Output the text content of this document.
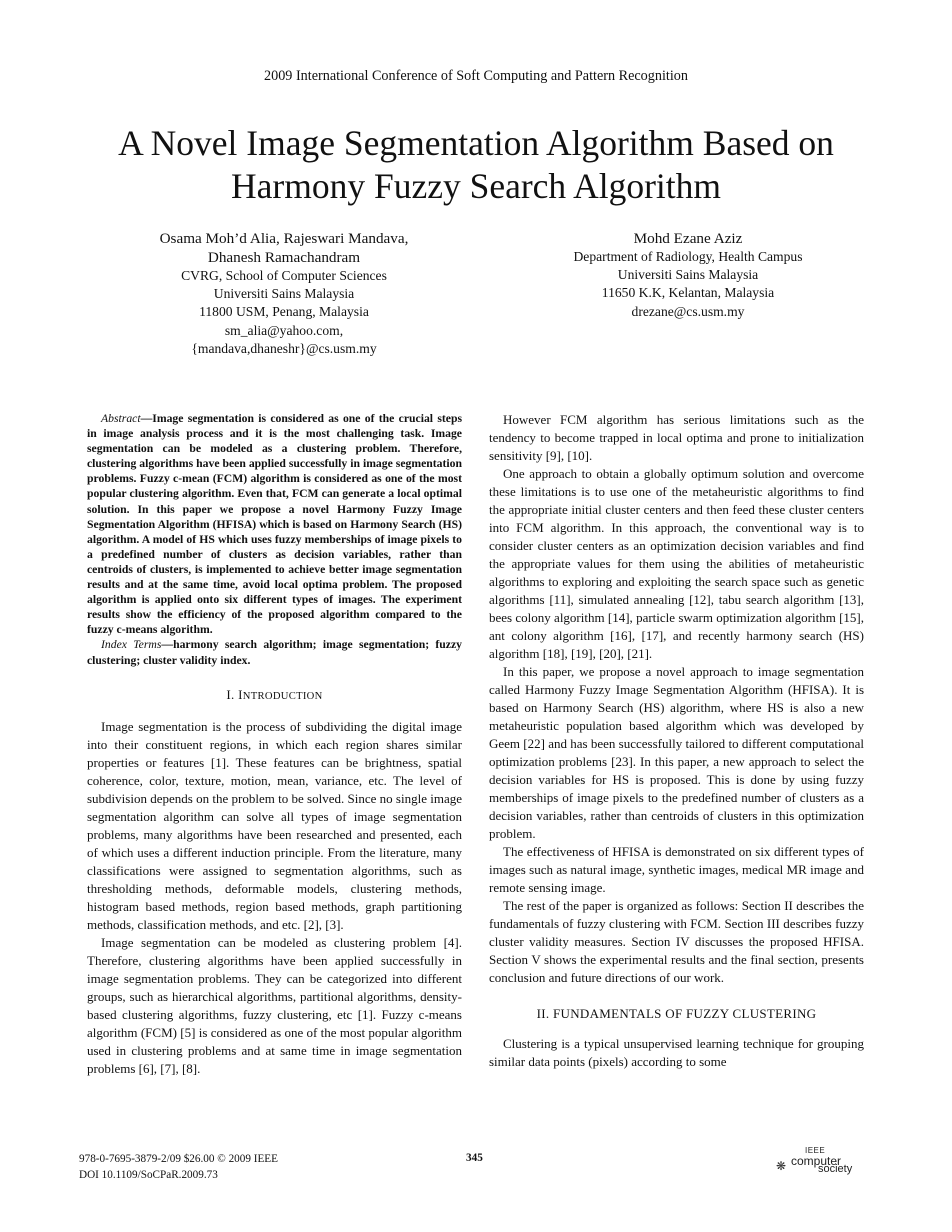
2009 International Conference of Soft Computing and Pattern Recognition
A Novel Image Segmentation Algorithm Based on
Harmony Fuzzy Search Algorithm
Osama Moh’d Alia, Rajeswari Mandava,
Dhanesh Ramachandram
CVRG, School of Computer Sciences
Universiti Sains Malaysia
11800 USM, Penang, Malaysia
sm_alia@yahoo.com,
{mandava,dhaneshr}@cs.usm.my
Mohd Ezane Aziz
Department of Radiology, Health Campus
Universiti Sains Malaysia
11650 K.K, Kelantan, Malaysia
drezane@cs.usm.my

Abstract—Image segmentation is considered as one of the crucial steps in image analysis process and it is the most challenging task. Image segmentation can be modeled as a clustering problem. Therefore, clustering algorithms have been applied successfully in image segmentation problems. Fuzzy c-mean (FCM) algorithm is considered as one of the most popular clustering algorithm. Even that, FCM can generate a local optimal solution. In this paper we propose a novel Harmony Fuzzy Image Segmentation Algorithm (HFISA) which is based on Harmony Search (HS) algorithm. A model of HS which uses fuzzy memberships of image pixels to a predefined number of clusters as decision variables, rather than centroids of clusters, is implemented to achieve better image segmentation results and at the same time, avoid local optima problem. The proposed algorithm is applied onto six different types of images. The experiment results show the efficiency of the proposed algorithm compared to the fuzzy c-means algorithm.

Index Terms—harmony search algorithm; image segmentation; fuzzy clustering; cluster validity index.

I. INTRODUCTION

Image segmentation is the process of subdividing the digital image into their constituent regions, in which each region shares similar properties or features [1]. These features can be brightness, spatial coherence, color, texture, motion, mean, variance, etc. The level of subdivision depends on the problem to be solved. Since no single image segmentation algorithm can solve all types of image segmentation problems, many algorithms have been researched and presented, each of which uses a different induction principle. From the literature, many classifications were assigned to segmentation algorithms, such as thresholding methods, deformable models, clustering methods, histogram based methods, region based methods, graph partitioning methods, classification methods, and etc. [2], [3].

Image segmentation can be modeled as clustering problem [4]. Therefore, clustering algorithms have been applied successfully in image segmentation problems. They can be categorized into different groups, such as hierarchical algorithms, partitional algorithms, density-based clustering algorithms, fuzzy clustering, etc [1]. Fuzzy c-means algorithm (FCM) [5] is considered as one of the most popular algorithm used in clustering problems and at same time in image segmentation problems [6], [7], [8].

However FCM algorithm has serious limitations such as the tendency to become trapped in local optima and prone to initialization sensitivity [9], [10].

One approach to obtain a globally optimum solution and overcome these limitations is to use one of the metaheuristic algorithms to find the appropriate initial cluster centers and then feed these cluster centers into FCM algorithm. In this approach, the conventional way is to consider cluster centers as an optimization decision variables and find the appropriate values for them using the abilities of metaheuristic algorithms to exploring and exploiting the search space such as genetic algorithms [11], simulated annealing [12], tabu search algorithm [13], bees colony algorithm [14], particle swarm optimization algorithm [15], ant colony algorithm [16], [17], and recently harmony search (HS) algorithm [18], [19], [20], [21].

In this paper, we propose a novel approach to image segmentation called Harmony Fuzzy Image Segmentation Algorithm (HFISA). It is based on Harmony Search (HS) algorithm, where HS is also a new metaheuristic population based algorithm which was developed by Geem [22] and has been successfully tailored to different computational optimization problems [23]. In this paper, a new approach to select the decision variables for HS is proposed. This is done by using fuzzy memberships of image pixels to the predefined number of clusters as a decision variables, rather than centroids of clusters in this optimization problem.

The effectiveness of HFISA is demonstrated on six different types of images such as natural image, synthetic images, medical MR image and remote sensing image.

The rest of the paper is organized as follows: Section II describes the fundamentals of fuzzy clustering with FCM. Section III describes fuzzy cluster validity measures. Section IV discusses the proposed HFISA. Section V shows the experimental results and the final section, presents conclusion and future directions of our work.

II. FUNDAMENTALS OF FUZZY CLUSTERING

Clustering is a typical unsupervised learning technique for grouping similar data points (pixels) according to some

978-0-7695-3879-2/09 $26.00 © 2009 IEEE
DOI 10.1109/SoCPaR.2009.73
345
❋
IEEE
computer
society
